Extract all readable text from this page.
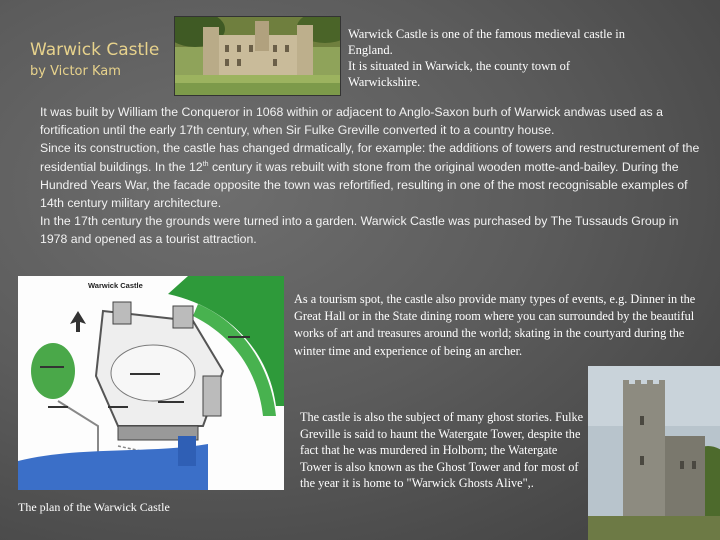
Warwick Castle
by Victor Kam
Warwick Castle is one of the famous medieval castle in
England.
It is situated in Warwick, the county town of
Warwickshire.

It was built by William the Conqueror in 1068 within or adjacent to Anglo-Saxon burh of Warwick andwas used as a fortification until the early 17th century, when Sir Fulke Greville converted it to a country house.

Since its construction, the castle has changed drmatically, for example: the additions of towers and restructurement of the residential buildings. In the 12th century it was rebuilt with stone from the original wooden motte-and-bailey. During the Hundred Years War, the facade opposite the town was refortified, resulting in one of the most recognisable examples of 14th century military architecture.

In the 17th century the grounds were turned into a garden. Warwick Castle was purchased by The Tussauds Group in 1978 and opened as a tourist attraction.

Warwick Castle
The plan of the Warwick Castle
As a tourism spot, the castle also provide many types of events, e.g. Dinner in the Great Hall or in the State dining room where you can surrounded by the beautiful works of art and treasures around the world; skating in the courtyard during the winter time and experience of being an archer.
The castle is also the subject of many ghost stories. Fulke Greville is said to haunt the Watergate Tower, despite the fact that he was murdered in Holborn; the Watergate Tower is also known as the Ghost Tower and for most of the year it is home to "Warwick Ghosts Alive",.
